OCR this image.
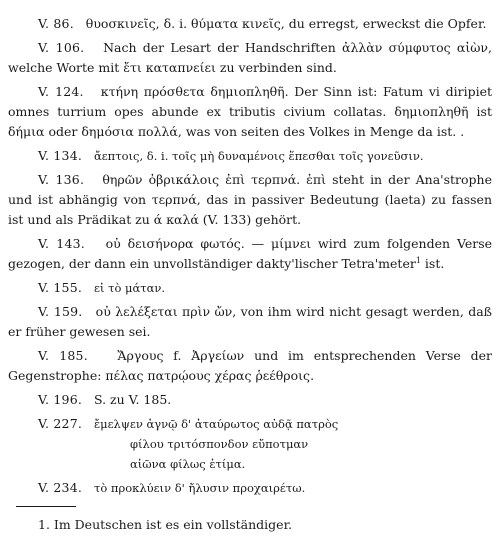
V. 86. θυοσκινεῖς, δ. i. θύματα κινεῖς, du erregst, erweckst die Opfer.

V. 106. Nach der Lesart der Handschriften ἀλλὰν σύμφυτος αἰὼν, welche Worte mit ἔτι καταπνείει zu verbinden sind.

V. 124. κτήνη πρόσθετα δημιοπληθῆ. Der Sinn ist: Fatum vi diripiet omnes turrium opes abunde ex tributis civium collatas. δημιοπληθῆ ist δήμια oder δημόσια πολλά, was von seiten des Volkes in Menge da ist. .

V. 134. ἄεπτοις, δ. i. τοῖς μὴ δυναμένοις ἕπεσθαι τοῖς γονεῦσιν.

V. 136. θηρῶν ὀβρικάλοις ἐπὶ τερπνά. ἐπὶ steht in der Ana'strophe und ist abhängig von τερπνά, das in passiver Bedeutung (laeta) zu fassen ist und als Prädikat zu ά καλά (V. 133) gehört.

V. 143. οὐ δεισήνορα φωτός. — μίμνει wird zum folgenden Verse gezogen, der dann ein unvollständiger dakty'lischer Tetra'meter$^1$ ist.

V. 155. εἰ τὸ μάταν.

V. 159. οὐ λελέξεται πρὶν ὤν, von ihm wird nicht gesagt werden, daß er früher gewesen sei.

V. 185. Ἄργους f. Ἀργείων und im entsprechenden Verse der Gegenstrophe: πέλας πατρῴους χέρας ῥεέθροις.

V. 196. S. zu V. 185.

V. 227. ἔμελψεν ἁγνῷ δ' ἀταύρωτος αὐδᾷ πατρὸς
φίλου τριτόσπονδον εὔποτμαν
αἰῶνα φίλως ἐτίμα.

V. 234. τὸ προκλύειν δ' ἤλυσιν προχαιρέτω.

1. Im Deutschen ist es ein vollständiger.
